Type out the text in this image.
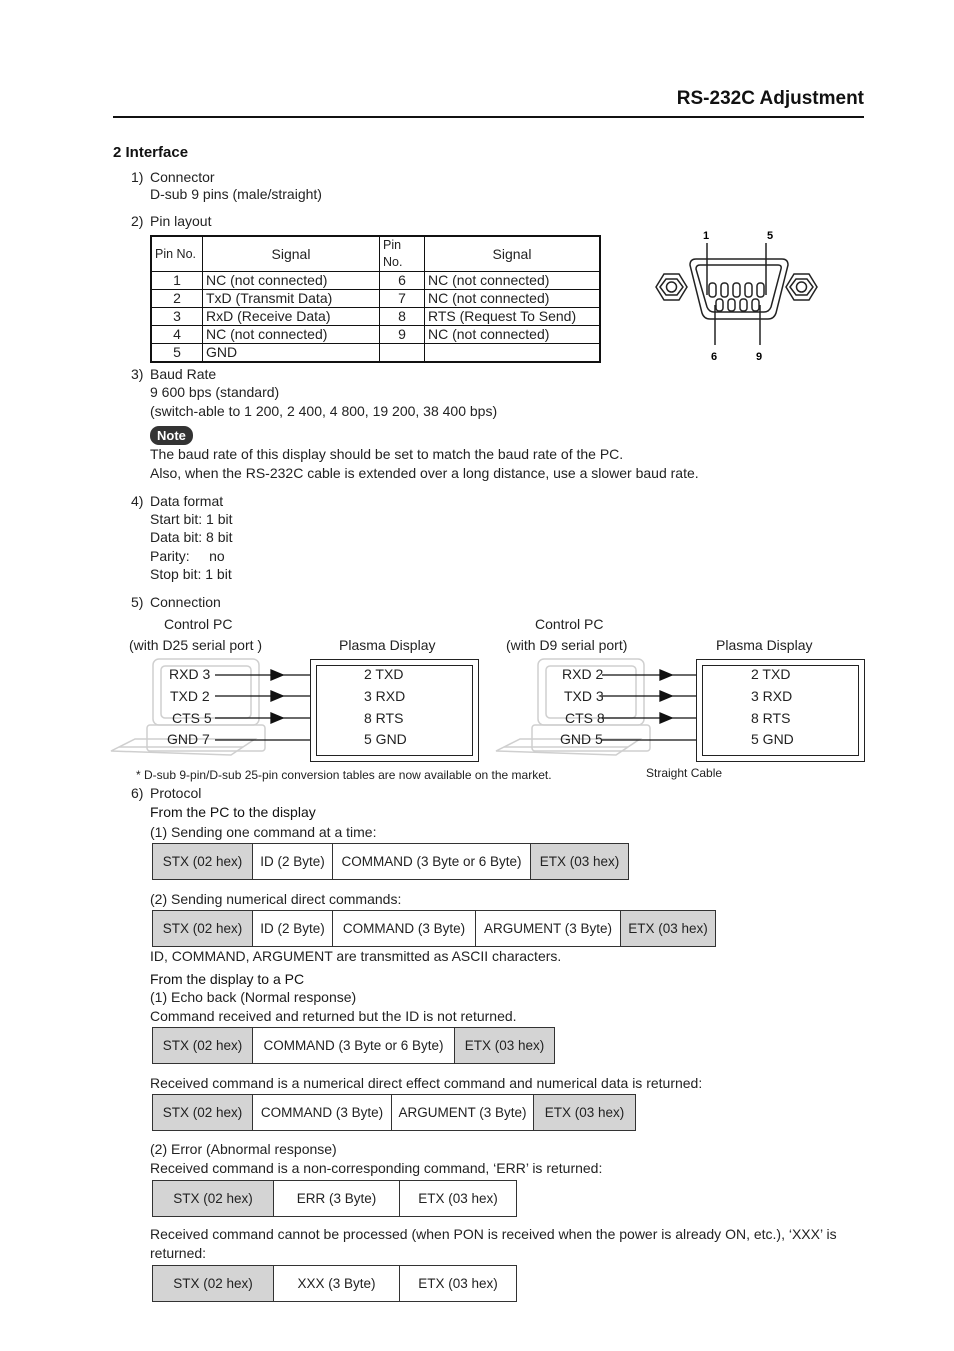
RS-232C Adjustment
2 Interface
1) Connector
D-sub 9 pins (male/straight)
2) Pin layout
Pin No.	Signal	Pin No.	Signal
1	NC (not connected)	6	NC (not connected)
2	TxD (Transmit Data)	7	NC (not connected)
3	RxD (Receive Data)	8	RTS (Request To Send)
4	NC (not connected)	9	NC (not connected)
5	GND		
1	5
6	9
3) Baud Rate
9 600 bps (standard)
(switch-able to 1 200, 2 400, 4 800, 19 200, 38 400 bps)
Note
The baud rate of this display should be set to match the baud rate of the PC.
Also, when the RS-232C cable is extended over a long distance, use a slower baud rate.
4) Data format
Start bit: 1 bit
Data bit: 8 bit
Parity:     no
Stop bit: 1 bit
5) Connection
Control PC
(with D25 serial port )	Plasma Display
RXD 3
TXD 2
CTS 5
GND 7
2 TXD
3 RXD
8 RTS
5 GND
Control PC
(with D9 serial port)	Plasma Display
RXD 2
TXD 3
CTS 8
GND 5
2 TXD
3 RXD
8 RTS
5 GND
* D-sub 9-pin/D-sub 25-pin conversion tables are now available on the market.	Straight Cable
6) Protocol
From the PC to the display
(1) Sending one command at a time:
STX (02 hex)	ID (2 Byte)	COMMAND (3 Byte or 6 Byte)	ETX (03 hex)
(2) Sending numerical direct commands:
STX (02 hex)	ID (2 Byte)	COMMAND (3 Byte)	ARGUMENT (3 Byte)	ETX (03 hex)
ID, COMMAND, ARGUMENT are transmitted as ASCII characters.
From the display to a PC
(1) Echo back (Normal response)
Command received and returned but the ID is not returned.
STX (02 hex)	COMMAND (3 Byte or 6 Byte)	ETX (03 hex)
Received command is a numerical direct effect command and numerical data is returned:
STX (02 hex)	COMMAND (3 Byte)	ARGUMENT (3 Byte)	ETX (03 hex)
(2) Error (Abnormal response)
Received command is a non-corresponding command, ‘ERR’ is returned:
STX (02 hex)	ERR (3 Byte)	ETX (03 hex)
Received command cannot be processed (when PON is received when the power is already ON, etc.), ‘XXX’ is
returned:
STX (02 hex)	XXX (3 Byte)	ETX (03 hex)
